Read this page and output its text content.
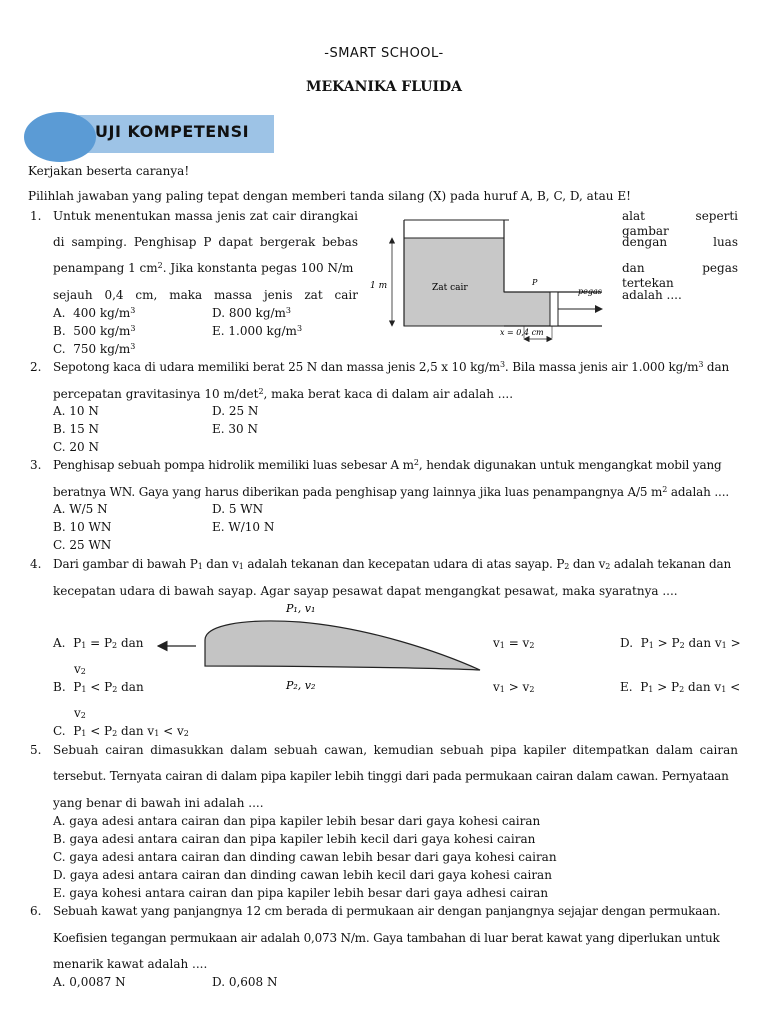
-SMART SCHOOL-
MEKANIKA FLUIDA
UJI KOMPETENSI
Kerjakan beserta caranya!
Pilihlah jawaban yang paling tepat dengan memberi tanda silang (X) pada huruf A, B, C, D, atau E!
1. Untuk menentukan massa jenis zat cair dirangkai	alat seperti gambar
di samping. Penghisap P dapat bergerak bebas	dengan luas
penampang 1 $cm^2$. Jika konstanta pegas 100 N/m	dan pegas tertekan
sejauh 0,4 cm, maka massa jenis zat cair	adalah ....
A.  400 $kg/m^3$	D. 800 $kg/m^3$
B.  500 $kg/m^3$	E. 1.000 $kg/m^3$
C.  750 $kg/m^3$
1 m	Zat cair
P
pegas
x = 0,4 cm
2. Sepotong kaca di udara memiliki berat 25 N dan massa jenis 2,5 x 10 $kg/m^3$. Bila massa jenis air 1.000 $kg/m^3$ dan
percepatan gravitasinya 10 $m/\det^2$, maka berat kaca di dalam air adalah ....
A. 10 N	D. 25 N
B. 15 N	E. 30 N
C. 20 N
3. Penghisap sebuah pompa hidrolik memiliki luas sebesar A $m^2$, hendak digunakan untuk mengangkat mobil yang
beratnya WN. Gaya yang harus diberikan pada penghisap yang lainnya jika luas penampangnya A/5 $m^2$ adalah ....
A. W/5 N	D. 5 WN
B. 10 WN	E. W/10 N
C. 25 WN
4. Dari gambar di bawah $P_1$ dan $v_1$ adalah tekanan dan kecepatan udara di atas sayap. $P_2$ dan $v_2$ adalah tekanan dan
kecepatan udara di bawah sayap. Agar sayap pesawat dapat mengangkat pesawat, maka syaratnya ....
P₁, v₁
P₂, v₂
A.  $P_1 = P_2$ dan	$v_1 = v_2$	D.  $P_1 > P_2$ dan $v_1$ >
$v_2$
B.  $P_1 < P_2$ dan	$v_1 > v_2$	E.  $P_1 > P_2$ dan $v_1$ <
$v_2$
C.  $P_1 < P_2$ dan $v_1 < v_2$
5. Sebuah cairan dimasukkan dalam sebuah cawan, kemudian sebuah pipa kapiler ditempatkan dalam cairan
tersebut. Ternyata cairan di dalam pipa kapiler lebih tinggi dari pada permukaan cairan dalam cawan. Pernyataan
yang benar di bawah ini adalah ....
A. gaya adesi antara cairan dan pipa kapiler lebih besar dari gaya kohesi cairan
B. gaya adesi antara cairan dan pipa kapiler lebih kecil dari gaya kohesi cairan
C. gaya adesi antara cairan dan dinding cawan lebih besar dari gaya kohesi cairan
D. gaya adesi antara cairan dan dinding cawan lebih kecil dari gaya kohesi cairan
E. gaya kohesi antara cairan dan pipa kapiler lebih besar dari gaya adhesi cairan
6. Sebuah kawat yang panjangnya 12 cm berada di permukaan air dengan panjangnya sejajar dengan permukaan.
Koefisien tegangan permukaan air adalah 0,073 N/m. Gaya tambahan di luar berat kawat yang diperlukan untuk
menarik kawat adalah ....
A. 0,0087 N	D. 0,608 N
